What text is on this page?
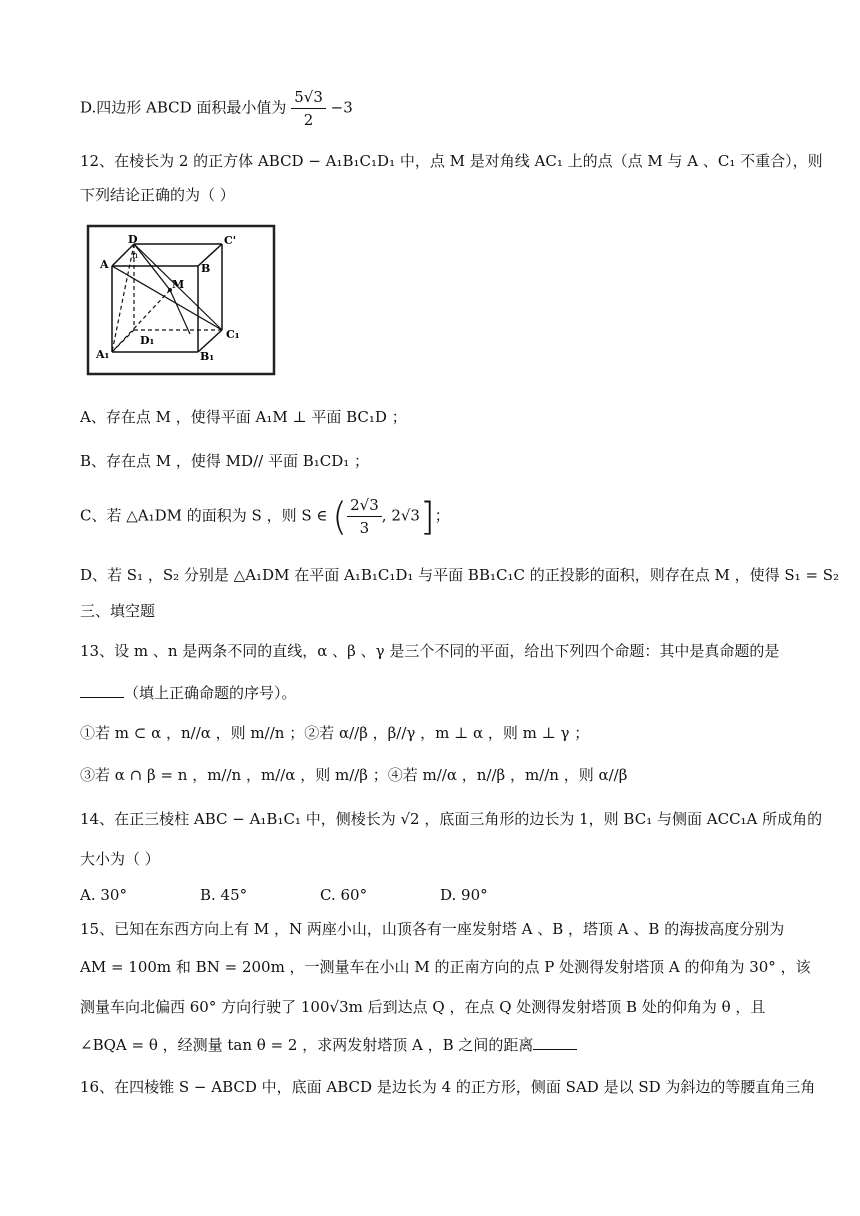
D.四边形 ABCD 面积最小值为 $\frac{5√3}{2} -3$
12、在棱长为 2 的正方体 ABCD − A₁B₁C₁D₁ 中，点 M 是对角线 AC₁ 上的点（点 M 与 A 、C₁ 不重合），则
下列结论正确的为（ ）
D	C'
A	B
M
C₁
D₁
A₁	B₁
n
A、存在点 M ，使得平面 A₁M ⊥ 平面 BC₁D ；
B、存在点 M ，使得 MD// 平面 B₁CD₁ ；
C、若 △A₁DM 的面积为 S ，则 S ∈ ( $\frac{2√3}{3}$ , 2√3]；
D、若 S₁ ，S₂ 分别是 △A₁DM 在平面 A₁B₁C₁D₁ 与平面 BB₁C₁C 的正投影的面积，则存在点 M ，使得 S₁ = S₂
三、填空题
13、设 m 、n 是两条不同的直线，α 、β 、γ 是三个不同的平面，给出下列四个命题：其中是真命题的是
（填上正确命题的序号）。
①若 m ⊂ α ，n//α ，则 m//n ；②若 α//β ，β//γ ，m ⊥ α ，则 m ⊥ γ ；
③若 α ∩ β = n ，m//n ，m//α ，则 m//β ；④若 m//α ，n//β ，m//n ，则 α//β
14、在正三棱柱 ABC − A₁B₁C₁ 中，侧棱长为 √2 ，底面三角形的边长为 1，则 BC₁ 与侧面 ACC₁A 所成角的
大小为（ ）
A. 30°	B. 45°	C. 60°	D. 90°
15、已知在东西方向上有 M ，N 两座小山，山顶各有一座发射塔 A 、B ，塔顶 A 、B 的海拔高度分别为
AM = 100m 和 BN = 200m ，一测量车在小山 M 的正南方向的点 P 处测得发射塔顶 A 的仰角为 30° ，该
测量车向北偏西 60° 方向行驶了 100√3m 后到达点 Q ，在点 Q 处测得发射塔顶 B 处的仰角为 θ ，且
∠BQA = θ ，经测量 tan θ = 2 ，求两发射塔顶 A ，B 之间的距离
16、在四棱锥 S − ABCD 中，底面 ABCD 是边长为 4 的正方形，侧面 SAD 是以 SD 为斜边的等腰直角三角
